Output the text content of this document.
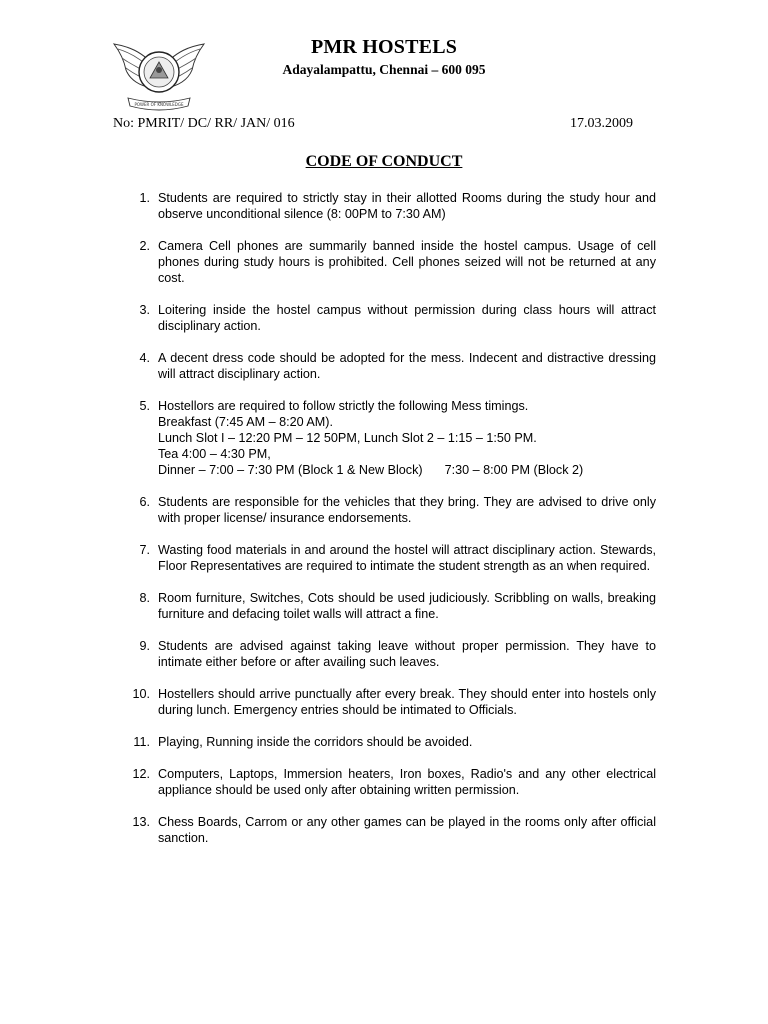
POWER OF KNOWLEDGE
PMR HOSTELS
Adayalampattu, Chennai – 600 095
No: PMRIT/ DC/ RR/ JAN/ 016	17.03.2009
CODE OF CONDUCT
1. Students are required to strictly stay in their allotted Rooms during the study hour and observe unconditional silence (8: 00PM to 7:30 AM)
2. Camera Cell phones are summarily banned inside the hostel campus. Usage of cell phones during study hours is prohibited. Cell phones seized will not be returned at any cost.
3. Loitering inside the hostel campus without permission during class hours will attract disciplinary action.
4. A decent dress code should be adopted for the mess. Indecent and distractive dressing will attract disciplinary action.
5. Hostellors are required to follow strictly the following Mess timings.
Breakfast (7:45 AM – 8:20 AM).
Lunch Slot I – 12:20 PM – 12 50PM, Lunch Slot 2 – 1:15 – 1:50 PM.
Tea 4:00 – 4:30 PM,
Dinner – 7:00 – 7:30 PM (Block 1 & New Block) 7:30 – 8:00 PM (Block 2)
6. Students are responsible for the vehicles that they bring. They are advised to drive only with proper license/ insurance endorsements.
7. Wasting food materials in and around the hostel will attract disciplinary action. Stewards, Floor Representatives are required to intimate the student strength as an when required.
8. Room furniture, Switches, Cots should be used judiciously. Scribbling on walls, breaking furniture and defacing toilet walls will attract a fine.
9. Students are advised against taking leave without proper permission. They have to intimate either before or after availing such leaves.
10. Hostellers should arrive punctually after every break. They should enter into hostels only during lunch. Emergency entries should be intimated to Officials.
11. Playing, Running inside the corridors should be avoided.
12. Computers, Laptops, Immersion heaters, Iron boxes, Radio's and any other electrical appliance should be used only after obtaining written permission.
13. Chess Boards, Carrom or any other games can be played in the rooms only after official sanction.
